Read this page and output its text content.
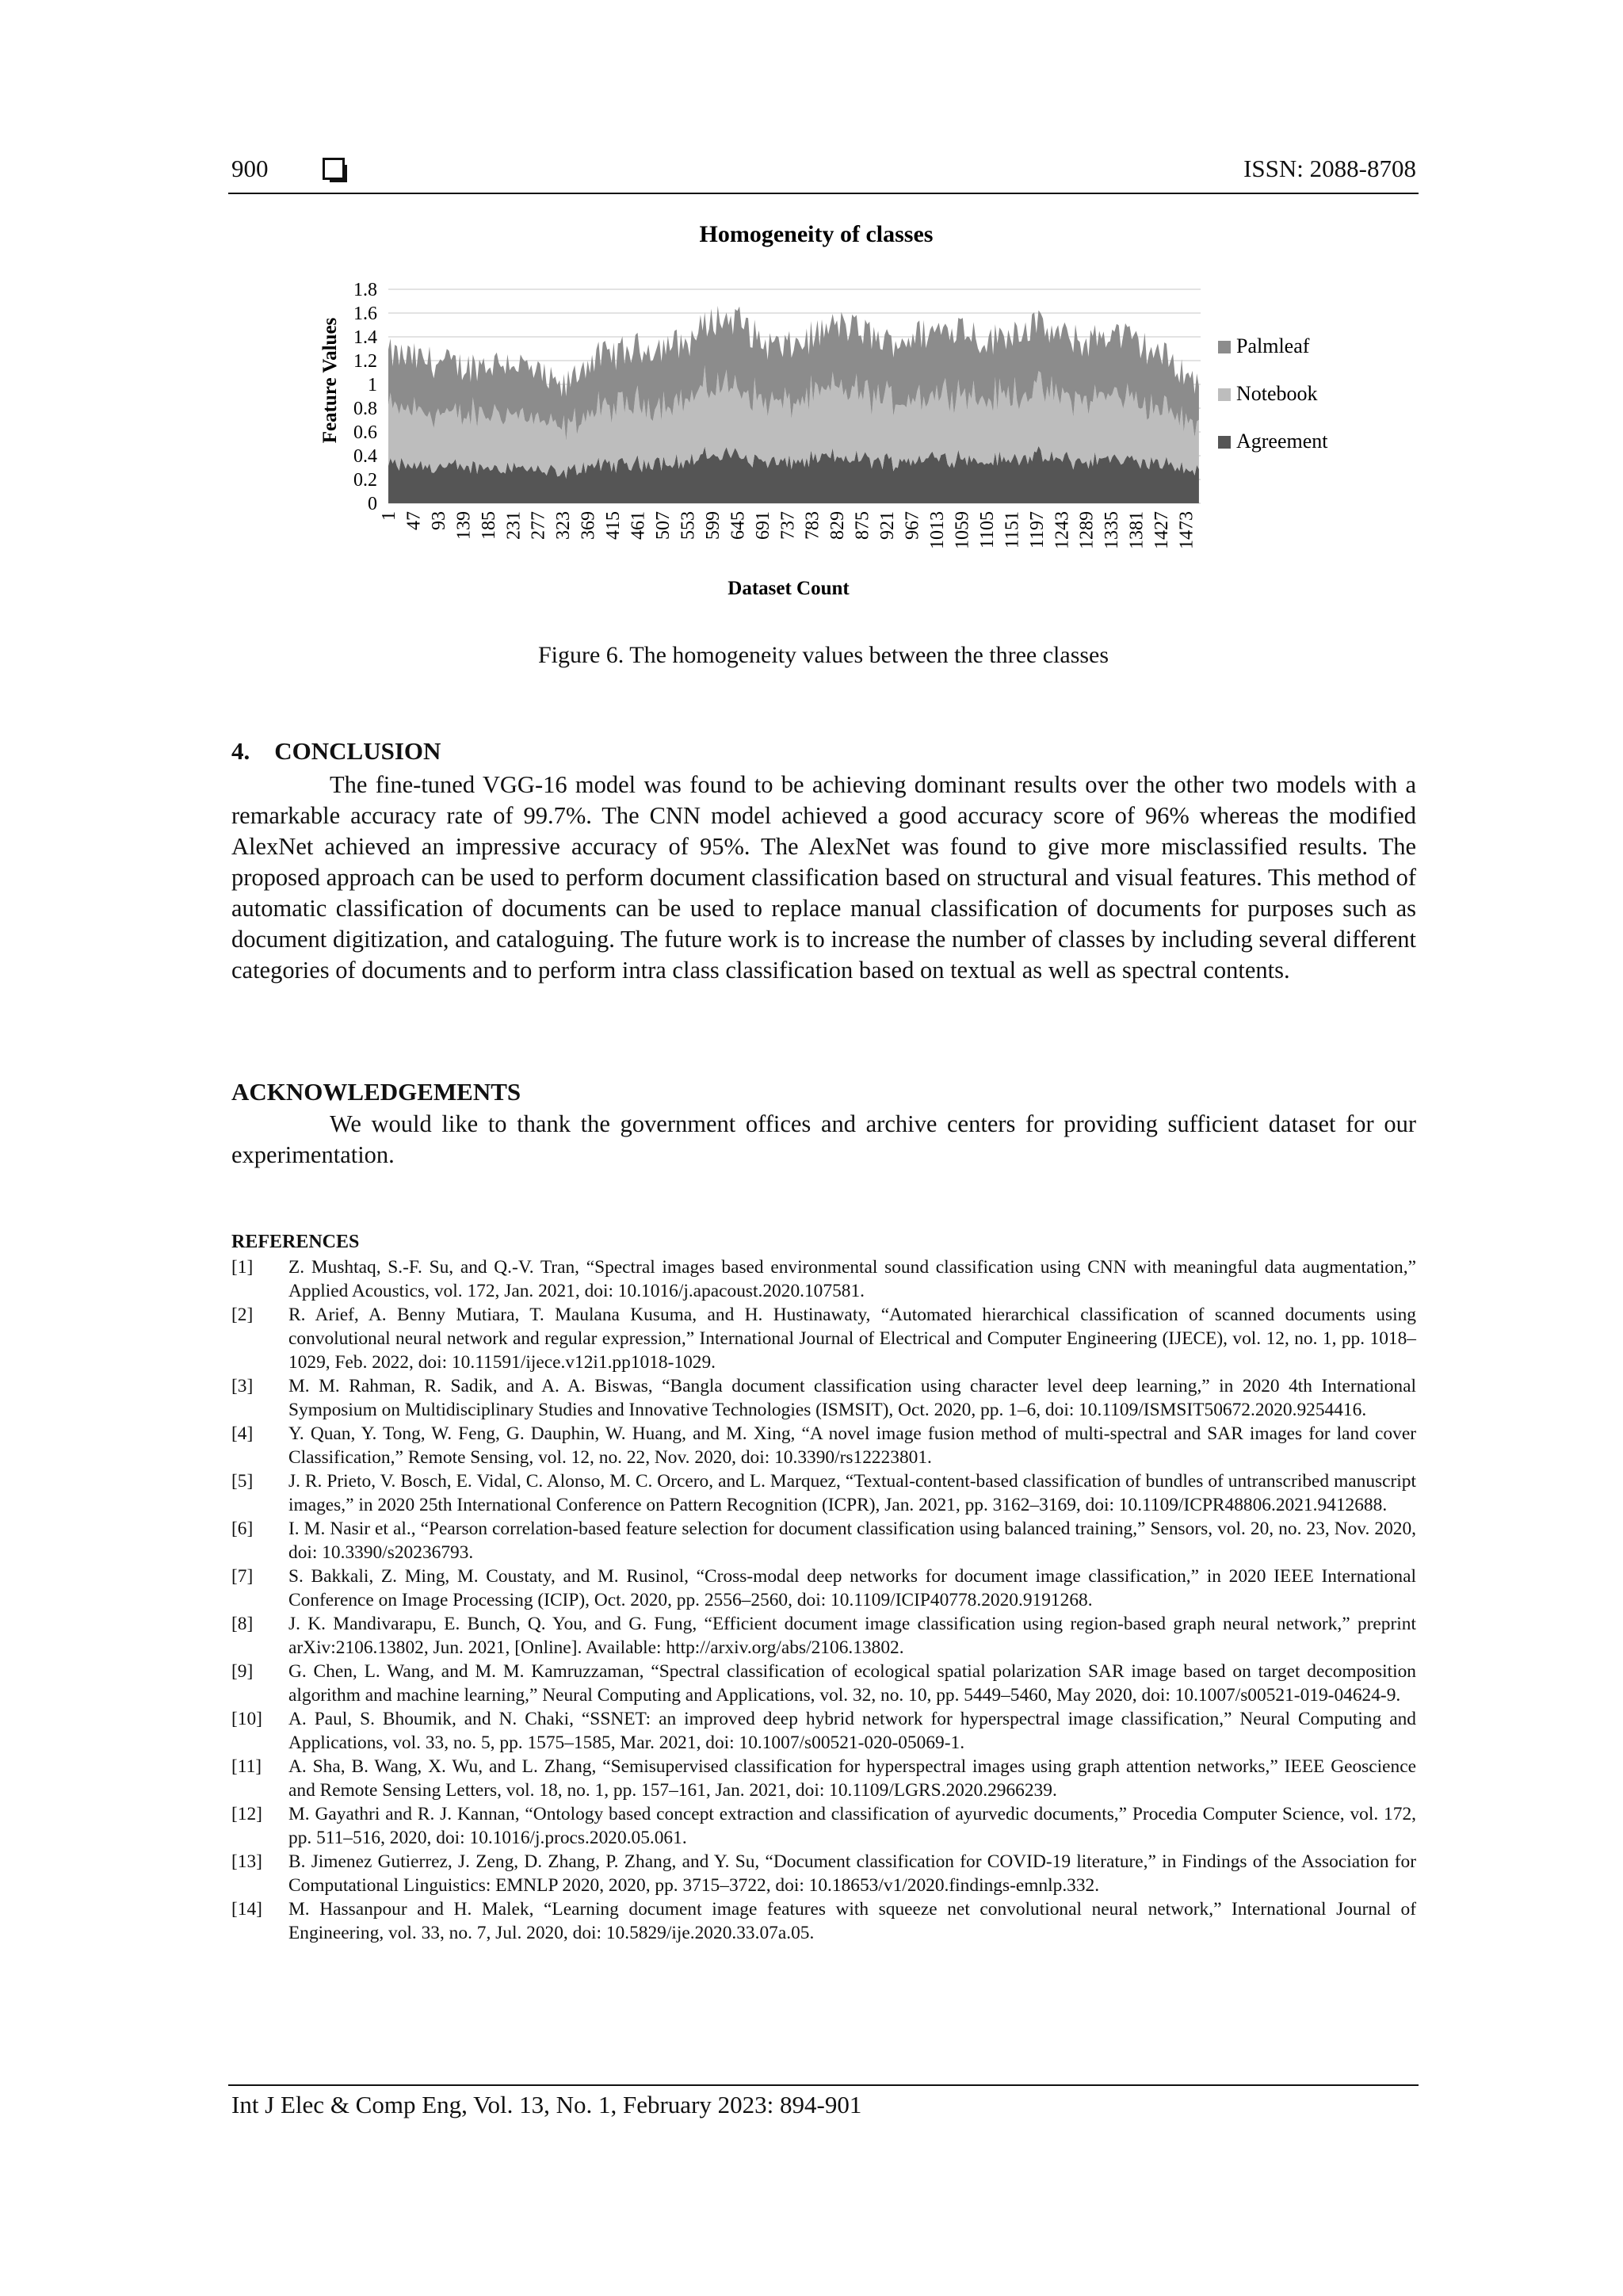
900	ISSN: 2088-8708
Homogeneity of classes
0
0.2
0.4
0.6
0.8
1
1.2
1.4
1.6
1.8
1 47 93 139 185 231 277 323 369 415 461 507 553 599 645 691 737 783 829 875 921 967 1013 1059 1105 1151 1197 1243 1289 1335 1381 1427 1473
Feature Values
Dataset Count
Palmleaf
Notebook
Agreement
Figure 6. The homogeneity values between the three classes
4. CONCLUSION

The fine-tuned VGG-16 model was found to be achieving dominant results over the other two models with a remarkable accuracy rate of 99.7%. The CNN model achieved a good accuracy score of 96% whereas the modified AlexNet achieved an impressive accuracy of 95%. The AlexNet was found to give more misclassified results. The proposed approach can be used to perform document classification based on structural and visual features. This method of automatic classification of documents can be used to replace manual classification of documents for purposes such as document digitization, and cataloguing. The future work is to increase the number of classes by including several different categories of documents and to perform intra class classification based on textual as well as spectral contents.

ACKNOWLEDGEMENTS

We would like to thank the government offices and archive centers for providing sufficient dataset for our experimentation.

REFERENCES
[1] Z. Mushtaq, S.-F. Su, and Q.-V. Tran, “Spectral images based environmental sound classification using CNN with meaningful data augmentation,” Applied Acoustics, vol. 172, Jan. 2021, doi: 10.1016/j.apacoust.2020.107581.
[2] R. Arief, A. Benny Mutiara, T. Maulana Kusuma, and H. Hustinawaty, “Automated hierarchical classification of scanned documents using convolutional neural network and regular expression,” International Journal of Electrical and Computer Engineering (IJECE), vol. 12, no. 1, pp. 1018–1029, Feb. 2022, doi: 10.11591/ijece.v12i1.pp1018-1029.
[3] M. M. Rahman, R. Sadik, and A. A. Biswas, “Bangla document classification using character level deep learning,” in 2020 4th International Symposium on Multidisciplinary Studies and Innovative Technologies (ISMSIT), Oct. 2020, pp. 1–6, doi: 10.1109/ISMSIT50672.2020.9254416.
[4] Y. Quan, Y. Tong, W. Feng, G. Dauphin, W. Huang, and M. Xing, “A novel image fusion method of multi-spectral and SAR images for land cover Classification,” Remote Sensing, vol. 12, no. 22, Nov. 2020, doi: 10.3390/rs12223801.
[5] J. R. Prieto, V. Bosch, E. Vidal, C. Alonso, M. C. Orcero, and L. Marquez, “Textual-content-based classification of bundles of untranscribed manuscript images,” in 2020 25th International Conference on Pattern Recognition (ICPR), Jan. 2021, pp. 3162–3169, doi: 10.1109/ICPR48806.2021.9412688.
[6] I. M. Nasir et al., “Pearson correlation-based feature selection for document classification using balanced training,” Sensors, vol. 20, no. 23, Nov. 2020, doi: 10.3390/s20236793.
[7] S. Bakkali, Z. Ming, M. Coustaty, and M. Rusinol, “Cross-modal deep networks for document image classification,” in 2020 IEEE International Conference on Image Processing (ICIP), Oct. 2020, pp. 2556–2560, doi: 10.1109/ICIP40778.2020.9191268.
[8] J. K. Mandivarapu, E. Bunch, Q. You, and G. Fung, “Efficient document image classification using region-based graph neural network,” preprint arXiv:2106.13802, Jun. 2021, [Online]. Available: http://arxiv.org/abs/2106.13802.
[9] G. Chen, L. Wang, and M. M. Kamruzzaman, “Spectral classification of ecological spatial polarization SAR image based on target decomposition algorithm and machine learning,” Neural Computing and Applications, vol. 32, no. 10, pp. 5449–5460, May 2020, doi: 10.1007/s00521-019-04624-9.
[10] A. Paul, S. Bhoumik, and N. Chaki, “SSNET: an improved deep hybrid network for hyperspectral image classification,” Neural Computing and Applications, vol. 33, no. 5, pp. 1575–1585, Mar. 2021, doi: 10.1007/s00521-020-05069-1.
[11] A. Sha, B. Wang, X. Wu, and L. Zhang, “Semisupervised classification for hyperspectral images using graph attention networks,” IEEE Geoscience and Remote Sensing Letters, vol. 18, no. 1, pp. 157–161, Jan. 2021, doi: 10.1109/LGRS.2020.2966239.
[12] M. Gayathri and R. J. Kannan, “Ontology based concept extraction and classification of ayurvedic documents,” Procedia Computer Science, vol. 172, pp. 511–516, 2020, doi: 10.1016/j.procs.2020.05.061.
[13] B. Jimenez Gutierrez, J. Zeng, D. Zhang, P. Zhang, and Y. Su, “Document classification for COVID-19 literature,” in Findings of the Association for Computational Linguistics: EMNLP 2020, 2020, pp. 3715–3722, doi: 10.18653/v1/2020.findings-emnlp.332.
[14] M. Hassanpour and H. Malek, “Learning document image features with squeeze net convolutional neural network,” International Journal of Engineering, vol. 33, no. 7, Jul. 2020, doi: 10.5829/ije.2020.33.07a.05.
Int J Elec & Comp Eng, Vol. 13, No. 1, February 2023: 894-901
